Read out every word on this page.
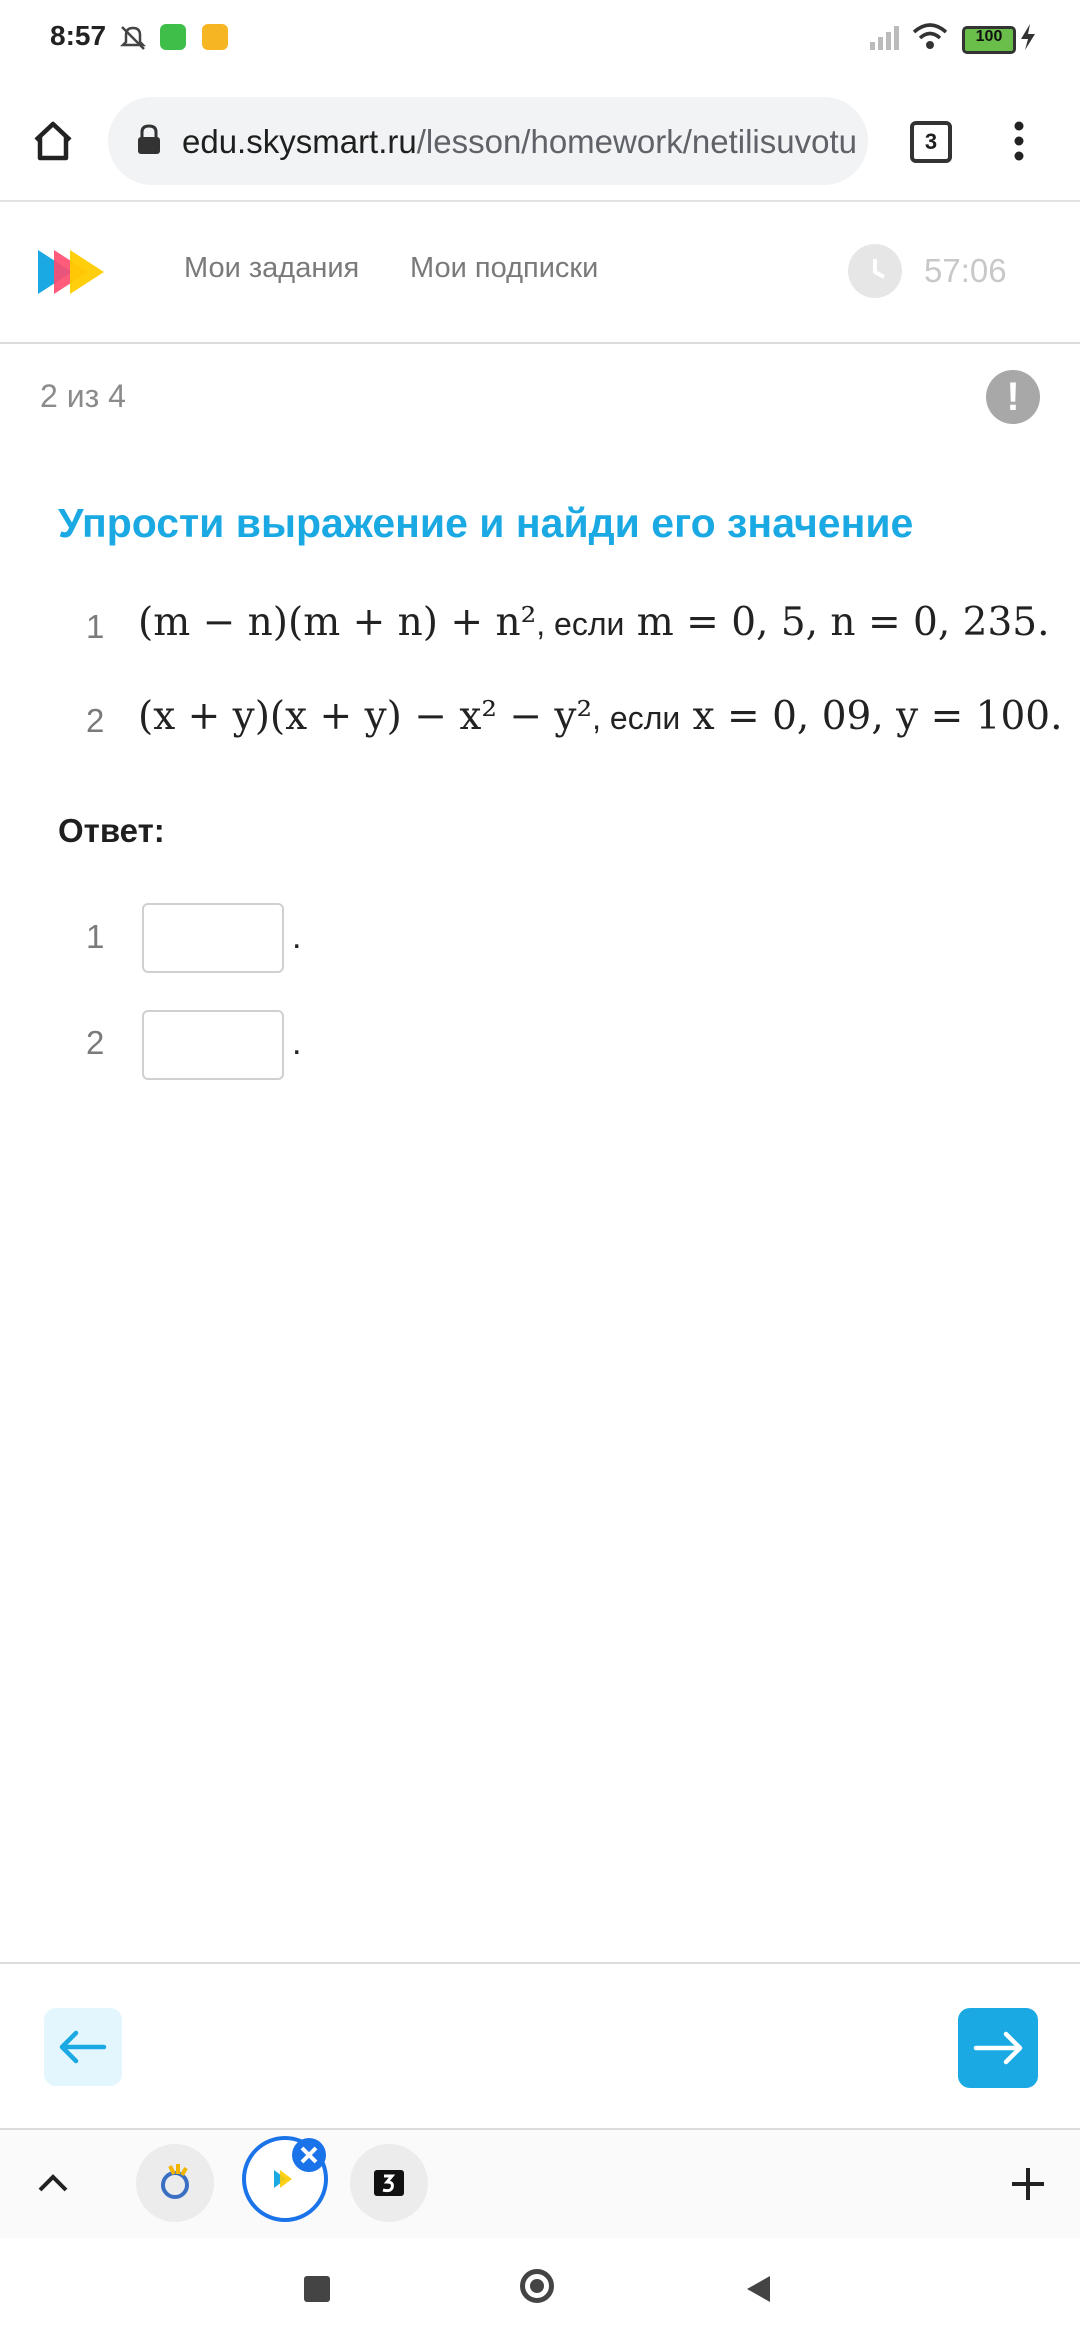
8:57	100
edu.skysmart.ru/lesson/homework/netilisuvotu	3
Мои задания Мои подписки	57:06
2 из 4	!
Упрости выражение и найди его значение
1 (m − n)(m + n) + n², если m = 0, 5, n = 0, 235.
2 (x + y)(x + y) − x² − y², если x = 0, 09, y = 100.
Ответ:
1	.
2	.
